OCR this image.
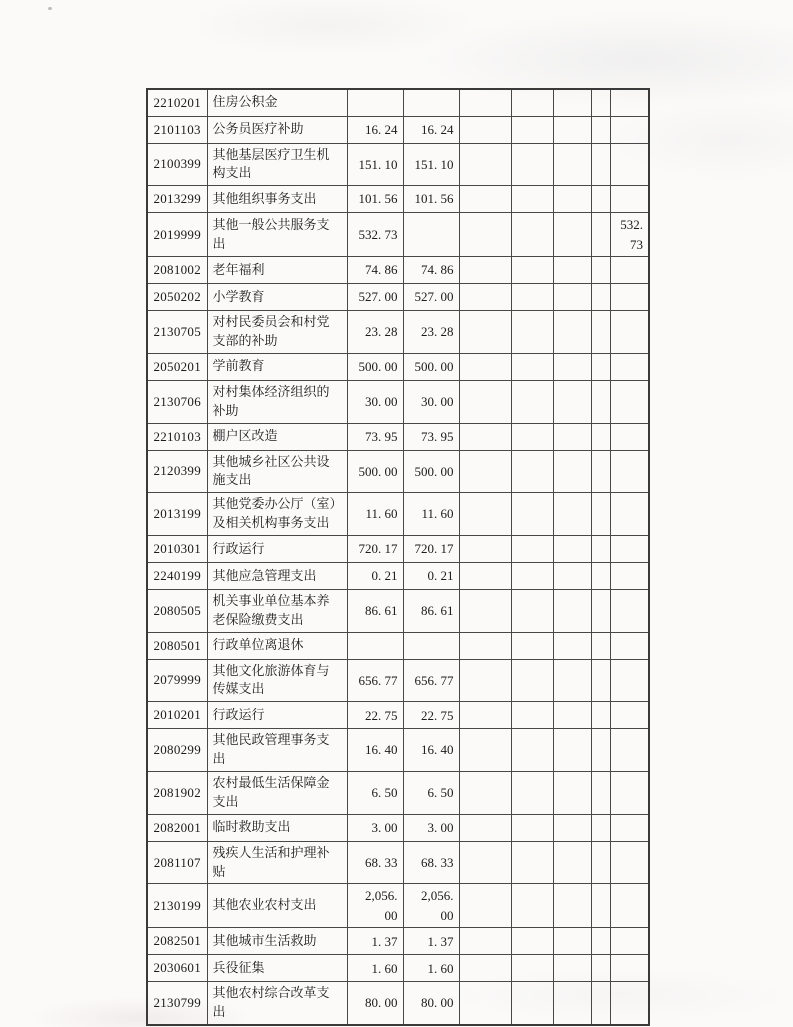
2210201	住房公积金							
2101103	公务员医疗补助	16. 24	16. 24					
2100399	其他基层医疗卫生机构支出	151. 10	151. 10					
2013299	其他组织事务支出	101. 56	101. 56					
2019999	其他一般公共服务支出	532. 73						532. 73
2081002	老年福利	74. 86	74. 86					
2050202	小学教育	527. 00	527. 00					
2130705	对村民委员会和村党支部的补助	23. 28	23. 28					
2050201	学前教育	500. 00	500. 00					
2130706	对村集体经济组织的补助	30. 00	30. 00					
2210103	棚户区改造	73. 95	73. 95					
2120399	其他城乡社区公共设施支出	500. 00	500. 00					
2013199	其他党委办公厅（室）及相关机构事务支出	11. 60	11. 60					
2010301	行政运行	720. 17	720. 17					
2240199	其他应急管理支出	0. 21	0. 21					
2080505	机关事业单位基本养老保险缴费支出	86. 61	86. 61					
2080501	行政单位离退休							
2079999	其他文化旅游体育与传媒支出	656. 77	656. 77					
2010201	行政运行	22. 75	22. 75					
2080299	其他民政管理事务支出	16. 40	16. 40					
2081902	农村最低生活保障金支出	6. 50	6. 50					
2082001	临时救助支出	3. 00	3. 00					
2081107	残疾人生活和护理补贴	68. 33	68. 33					
2130199	其他农业农村支出	2,056. 00	2,056. 00					
2082501	其他城市生活救助	1. 37	1. 37					
2030601	兵役征集	1. 60	1. 60					
2130799	其他农村综合改革支出	80. 00	80. 00					
